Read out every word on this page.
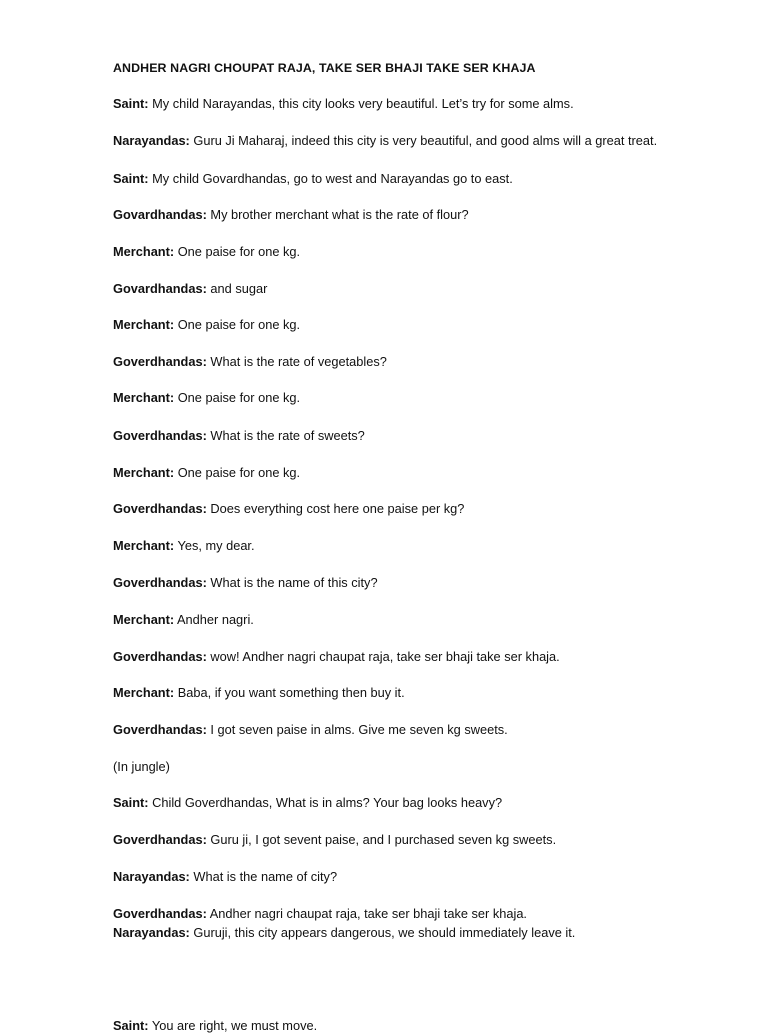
ANDHER NAGRI CHOUPAT RAJA, TAKE SER BHAJI TAKE SER KHAJA
Saint: My child Narayandas, this city looks very beautiful. Let’s try for some alms.
Narayandas: Guru Ji Maharaj, indeed this city is very beautiful, and good alms will a great treat.
Saint: My child Govardhandas, go to west and Narayandas go to east.
Govardhandas: My brother merchant what is the rate of flour?
Merchant: One paise for one kg.
Govardhandas: and sugar
Merchant: One paise for one kg.
Goverdhandas: What is the rate of vegetables?
Merchant: One paise for one kg.
Goverdhandas: What is the rate of sweets?
Merchant: One paise for one kg.
Goverdhandas: Does everything cost here one paise per kg?
Merchant: Yes, my dear.
Goverdhandas: What is the name of this city?
Merchant: Andher nagri.
Goverdhandas: wow! Andher nagri chaupat raja, take ser bhaji take ser khaja.
Merchant: Baba, if you want something then buy it.
Goverdhandas: I got seven paise in alms. Give me seven kg sweets.
(In jungle)
Saint: Child Goverdhandas, What is in alms? Your bag looks heavy?
Goverdhandas: Guru ji, I got sevent paise, and I purchased seven kg sweets.
Narayandas: What is the name of city?
Goverdhandas: Andher nagri chaupat raja, take ser bhaji take ser khaja.
Narayandas: Guruji, this city appears dangerous, we should immediately leave it.
Saint: You are right, we must move.
